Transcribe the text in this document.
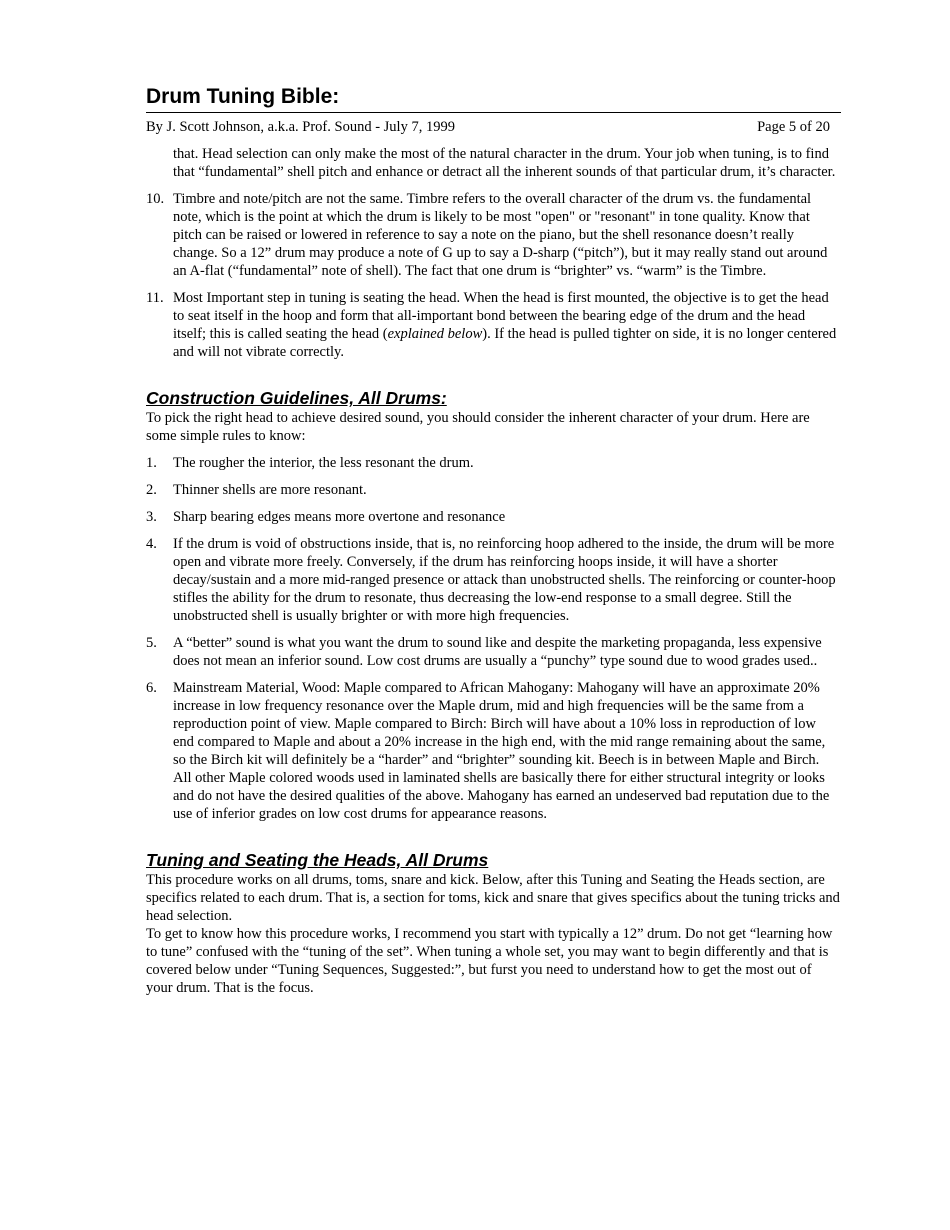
Drum Tuning Bible:
By J. Scott Johnson, a.k.a. Prof. Sound - July 7, 1999	Page 5 of 20

that. Head selection can only make the most of the natural character in the drum. Your job when tuning, is to find that “fundamental” shell pitch and enhance or detract all the inherent sounds of that particular drum, it’s character.

10. Timbre and note/pitch are not the same. Timbre refers to the overall character of the drum vs. the fundamental note, which is the point at which the drum is likely to be most "open" or "resonant" in tone quality. Know that pitch can be raised or lowered in reference to say a note on the piano, but the shell resonance doesn’t really change. So a 12” drum may produce a note of G up to say a D-sharp (“pitch”), but it may really stand out around an A-flat (“fundamental” note of shell). The fact that one drum is “brighter” vs. “warm” is the Timbre.
11. Most Important step in tuning is seating the head. When the head is first mounted, the objective is to get the head to seat itself in the hoop and form that all-important bond between the bearing edge of the drum and the head itself; this is called seating the head (explained below). If the head is pulled tighter on side, it is no longer centered and will not vibrate correctly.
Construction Guidelines, All Drums:

To pick the right head to achieve desired sound, you should consider the inherent character of your drum. Here are some simple rules to know:

1. The rougher the interior, the less resonant the drum.
2. Thinner shells are more resonant.
3. Sharp bearing edges means more overtone and resonance
4. If the drum is void of obstructions inside, that is, no reinforcing hoop adhered to the inside, the drum will be more open and vibrate more freely. Conversely, if the drum has reinforcing hoops inside, it will have a shorter decay/sustain and a more mid-ranged presence or attack than unobstructed shells. The reinforcing or counter-hoop stifles the ability for the drum to resonate, thus decreasing the low-end response to a small degree. Still the unobstructed shell is usually brighter or with more high frequencies.
5. A “better” sound is what you want the drum to sound like and despite the marketing propaganda, less expensive does not mean an inferior sound. Low cost drums are usually a “punchy” type sound due to wood grades used..
6. Mainstream Material, Wood: Maple compared to African Mahogany: Mahogany will have an approximate 20% increase in low frequency resonance over the Maple drum, mid and high frequencies will be the same from a reproduction point of view. Maple compared to Birch: Birch will have about a 10% loss in reproduction of low end compared to Maple and about a 20% increase in the high end, with the mid range remaining about the same, so the Birch kit will definitely be a “harder” and “brighter” sounding kit. Beech is in between Maple and Birch. All other Maple colored woods used in laminated shells are basically there for either structural integrity or looks and do not have the desired qualities of the above. Mahogany has earned an undeserved bad reputation due to the use of inferior grades on low cost drums for appearance reasons.
Tuning and Seating the Heads, All Drums

This procedure works on all drums, toms, snare and kick. Below, after this Tuning and Seating the Heads section, are specifics related to each drum. That is, a section for toms, kick and snare that gives specifics about the tuning tricks and head selection.

To get to know how this procedure works, I recommend you start with typically a 12” drum. Do not get “learning how to tune” confused with the “tuning of the set”. When tuning a whole set, you may want to begin differently and that is covered below under “Tuning Sequences, Suggested:”, but furst you need to understand how to get the most out of your drum. That is the focus.
